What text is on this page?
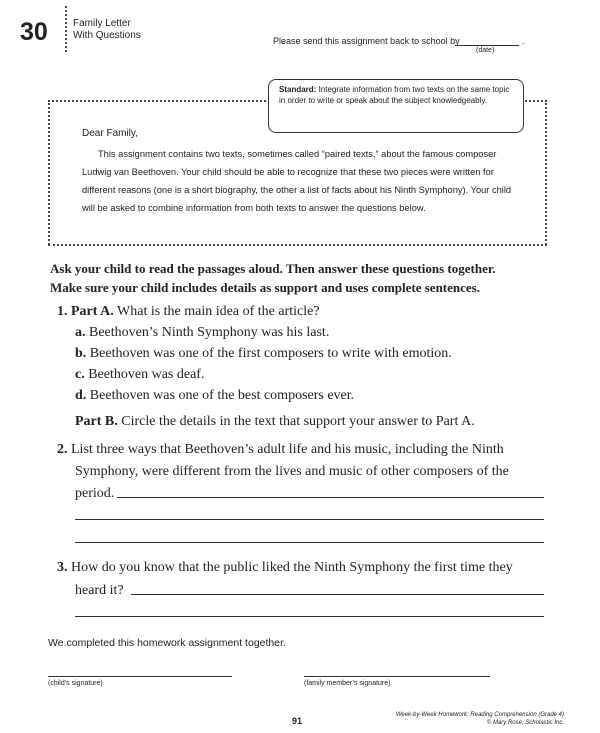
30	Family Letter
With Questions	Please send this assignment back to school by	.
(date)
Standard: Integrate information from two texts on the same topic in order to write or speak about the subject knowledgeably.
Dear Family,
This assignment contains two texts, sometimes called “paired texts,” about the famous composer Ludwig van Beethoven. Your child should be able to recognize that these two pieces were written for different reasons (one is a short biography, the other a list of facts about his Ninth Symphony). Your child will be asked to combine information from both texts to answer the questions below.
Ask your child to read the passages aloud. Then answer these questions together.
Make sure your child includes details as support and uses complete sentences.
1. Part A. What is the main idea of the article?
a. Beethoven’s Ninth Symphony was his last.
b. Beethoven was one of the first composers to write with emotion.
c. Beethoven was deaf.
d. Beethoven was one of the best composers ever.
Part B. Circle the details in the text that support your answer to Part A.
2. List three ways that Beethoven’s adult life and his music, including the Ninth
Symphony, were different from the lives and music of other composers of the
period.
3. How do you know that the public liked the Ninth Symphony the first time they
heard it?
We completed this homework assignment together.
(child’s signature)	(family member’s signature)
91
Week-by-Week Homework: Reading Comprehension (Grade 4)
© Mary Rose, Scholastic Inc.
